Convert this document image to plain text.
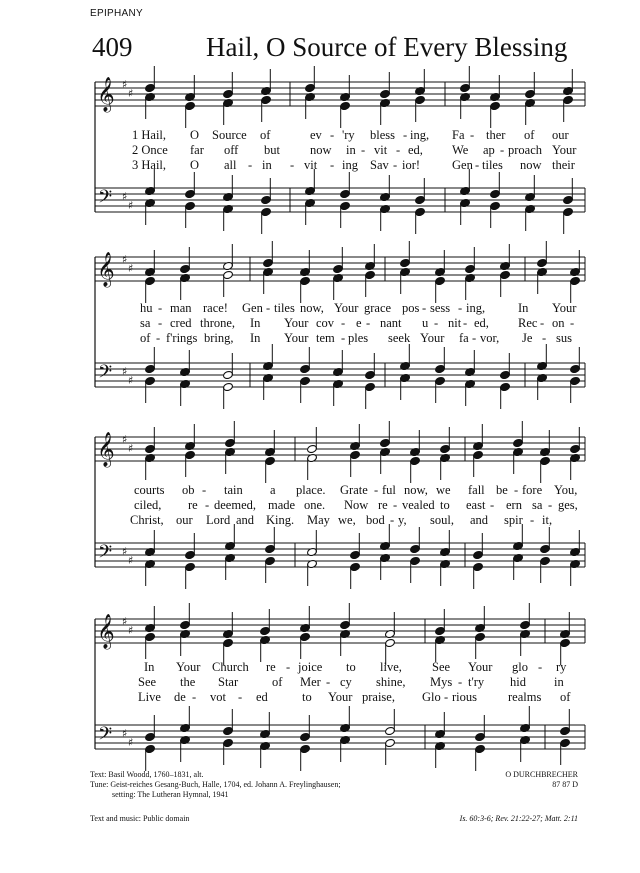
EPIPHANY
409	Hail, O Source of Every Blessing
𝄞
𝄢
♯
♯
♯
♯
1 Hail, O Source of	ev - 'ry bless - ing, Fa - ther of our
2 Once far off but now in - vit - ed, We ap - proach Your
3 Hail, O all - in - vit - ing Sav - ior!	Gen - tiles now their
𝄞
𝄢
♯
♯
♯
♯
hu - man race! Gen - tiles now, Your grace pos - sess - ing,	In Your
sa - cred throne, In Your cov - e - nant u - nit - ed, Rec - on -
of - f'rings bring, In Your tem - ples seek Your fa - vor, Je - sus
𝄞
𝄢
♯
♯
♯
♯
courts ob - tain a place. Grate - ful now, we fall be - fore You,
ciled, re - deemed, made one. Now re - vealed to east - ern sa - ges,
Christ, our Lord and King. May we, bod - y, soul, and spir - it,
𝄞
𝄢
♯
♯
♯
♯
In Your Church re - joice to live, See Your glo - ry
See the Star	of Mer - cy shine, Mys - t'ry hid in
Live de - vot - ed	to Your praise, Glo - rious realms of
Text: Basil Woodd, 1760–1831, alt.
Tune: Geist-reiches Gesang-Buch, Halle, 1704, ed. Johann A. Freylinghausen;
setting: The Lutheran Hymnal, 1941
O DURCHBRECHER
87 87 D
Text and music: Public domain	Is. 60:3-6; Rev. 21:22-27; Matt. 2:11
